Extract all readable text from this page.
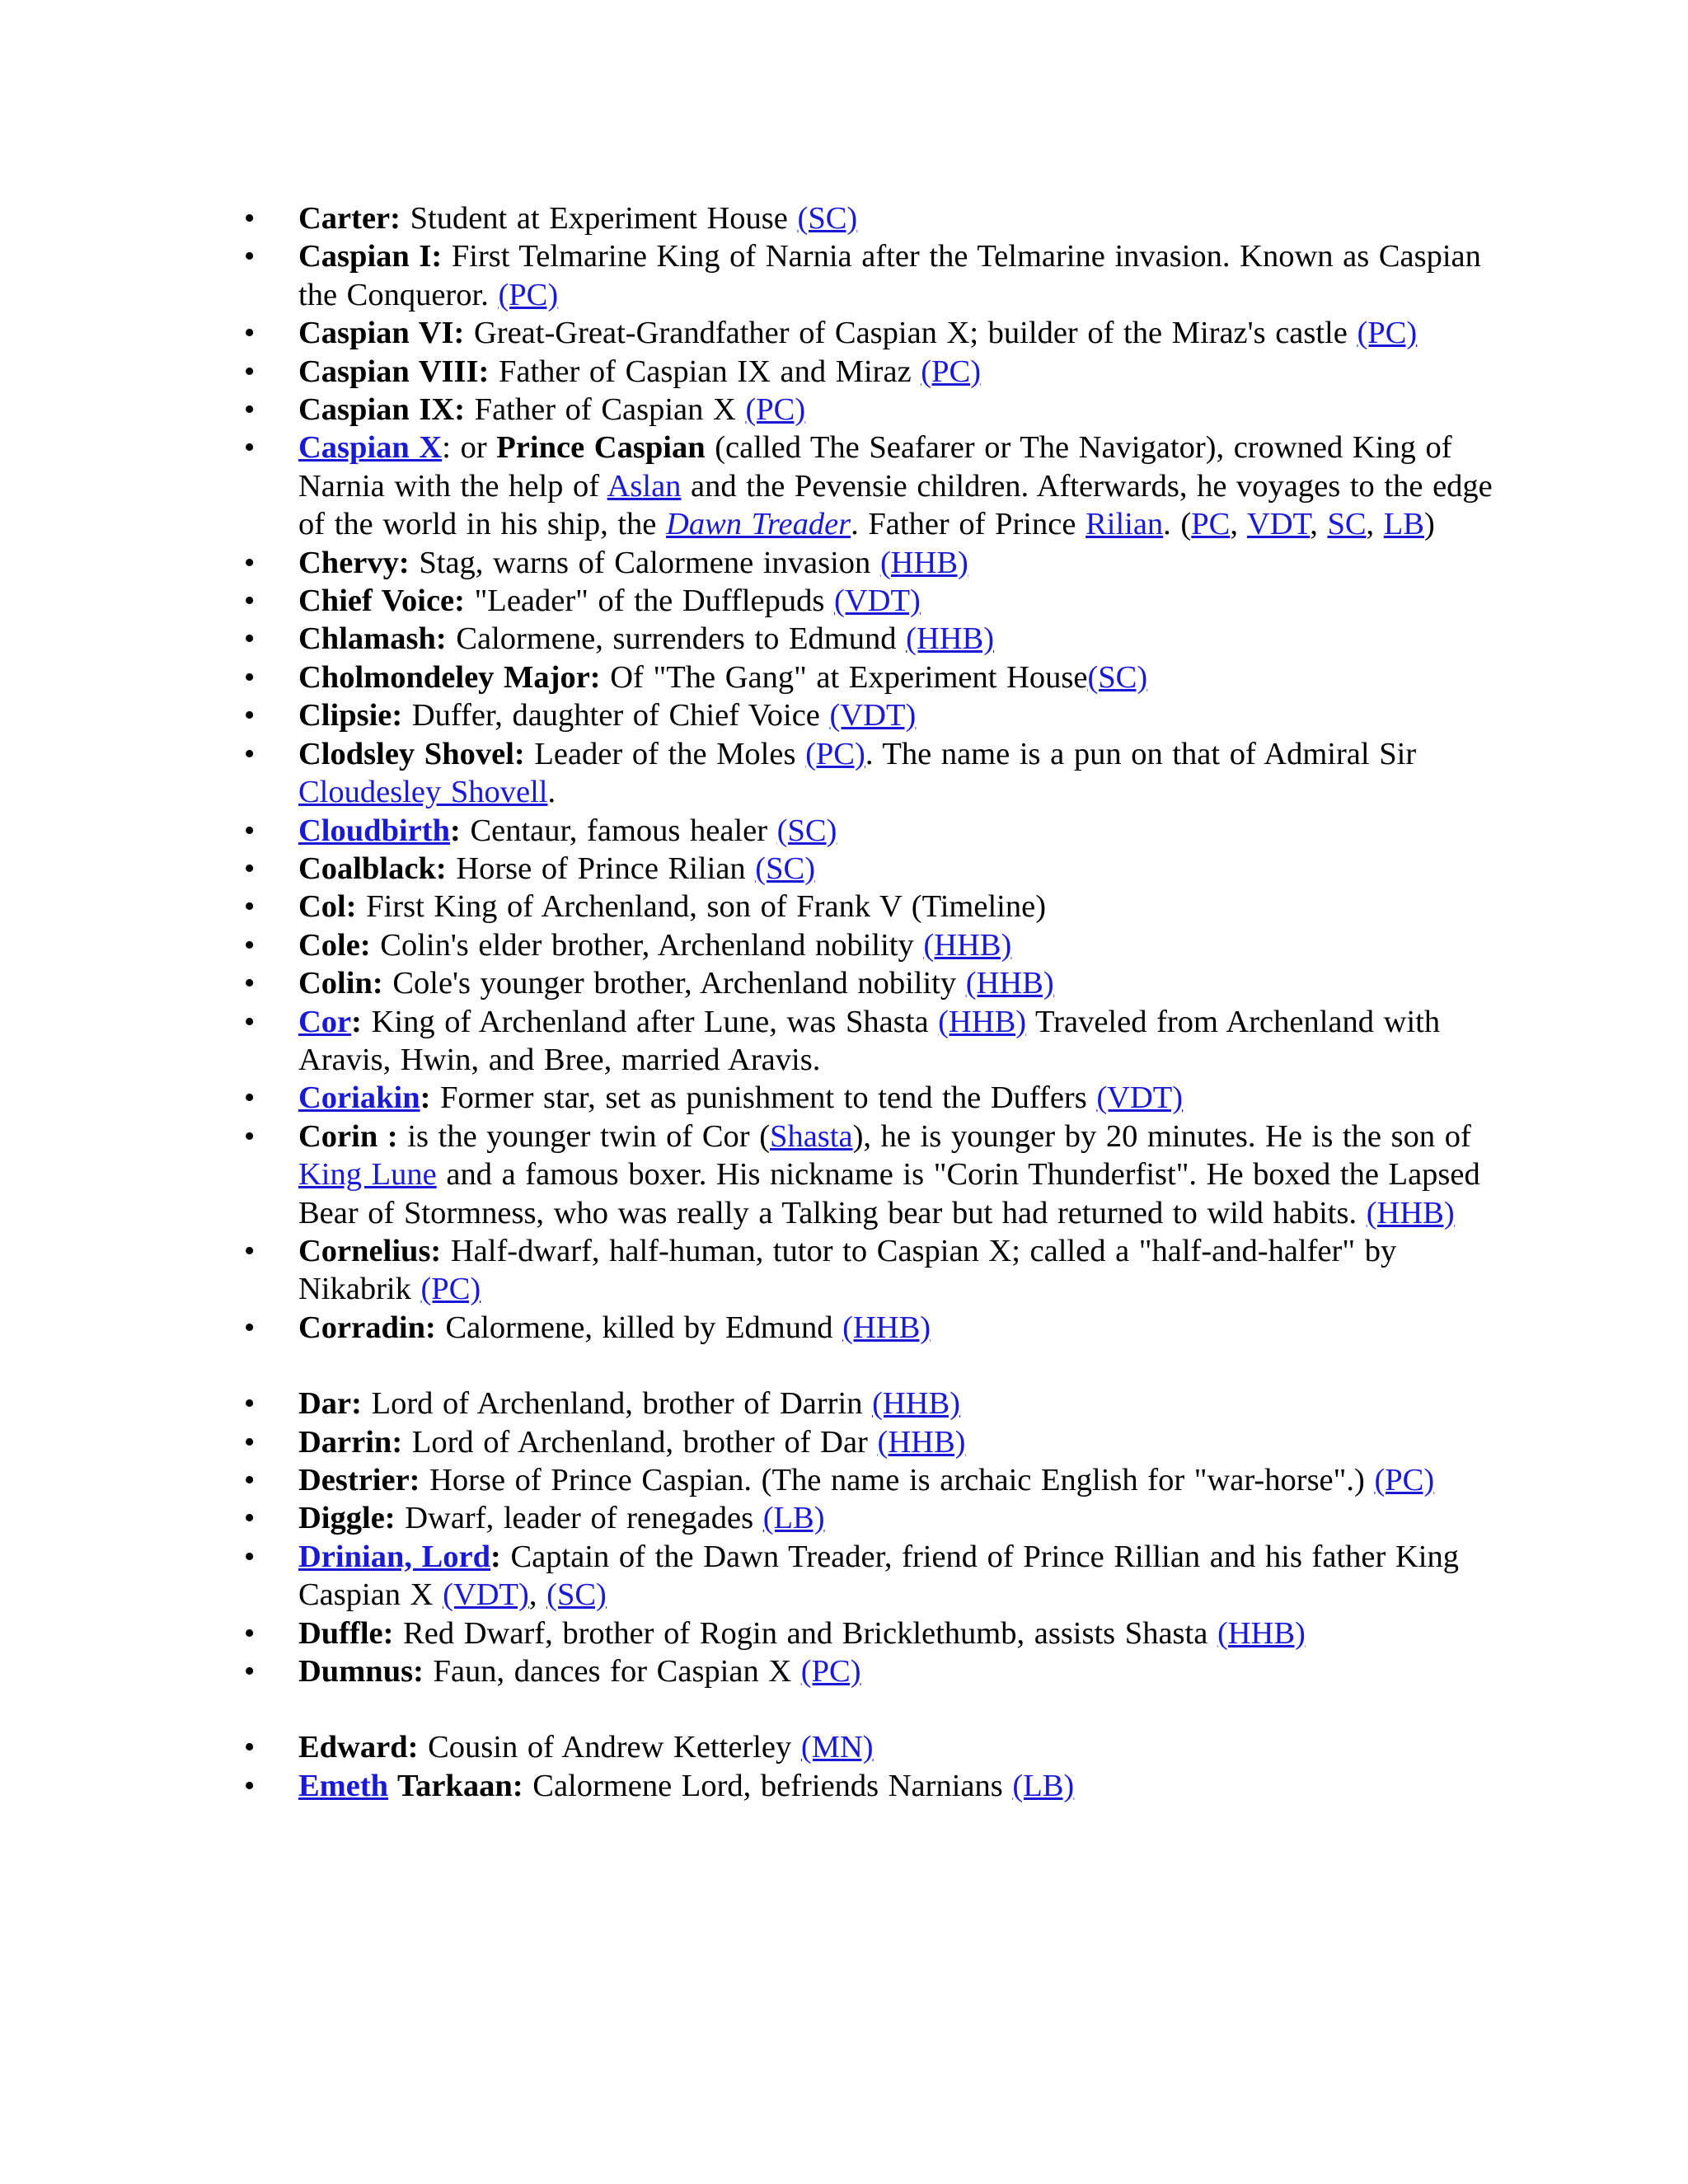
• Carter: Student at Experiment House (SC)
• Caspian I: First Telmarine King of Narnia after the Telmarine invasion. Known as Caspian the Conqueror. (PC)
• Caspian VI: Great-Great-Grandfather of Caspian X; builder of the Miraz's castle (PC)
• Caspian VIII: Father of Caspian IX and Miraz (PC)
• Caspian IX: Father of Caspian X (PC)
• Caspian X: or Prince Caspian (called The Seafarer or The Navigator), crowned King of Narnia with the help of Aslan and the Pevensie children. Afterwards, he voyages to the edge of the world in his ship, the Dawn Treader. Father of Prince Rilian. (PC, VDT, SC, LB)
• Chervy: Stag, warns of Calormene invasion (HHB)
• Chief Voice: "Leader" of the Dufflepuds (VDT)
• Chlamash: Calormene, surrenders to Edmund (HHB)
• Cholmondeley Major: Of "The Gang" at Experiment House(SC)
• Clipsie: Duffer, daughter of Chief Voice (VDT)
• Clodsley Shovel: Leader of the Moles (PC). The name is a pun on that of Admiral Sir Cloudesley Shovell.
• Cloudbirth: Centaur, famous healer (SC)
• Coalblack: Horse of Prince Rilian (SC)
• Col: First King of Archenland, son of Frank V (Timeline)
• Cole: Colin's elder brother, Archenland nobility (HHB)
• Colin: Cole's younger brother, Archenland nobility (HHB)
• Cor: King of Archenland after Lune, was Shasta (HHB) Traveled from Archenland with Aravis, Hwin, and Bree, married Aravis.
• Coriakin: Former star, set as punishment to tend the Duffers (VDT)
• Corin : is the younger twin of Cor (Shasta), he is younger by 20 minutes. He is the son of King Lune and a famous boxer. His nickname is "Corin Thunderfist". He boxed the Lapsed Bear of Stormness, who was really a Talking bear but had returned to wild habits. (HHB)
• Cornelius: Half-dwarf, half-human, tutor to Caspian X; called a "half-and-halfer" by Nikabrik (PC)
• Corradin: Calormene, killed by Edmund (HHB)
• Dar: Lord of Archenland, brother of Darrin (HHB)
• Darrin: Lord of Archenland, brother of Dar (HHB)
• Destrier: Horse of Prince Caspian. (The name is archaic English for "war-horse".) (PC)
• Diggle: Dwarf, leader of renegades (LB)
• Drinian, Lord: Captain of the Dawn Treader, friend of Prince Rillian and his father King Caspian X (VDT), (SC)
• Duffle: Red Dwarf, brother of Rogin and Bricklethumb, assists Shasta (HHB)
• Dumnus: Faun, dances for Caspian X (PC)
• Edward: Cousin of Andrew Ketterley (MN)
• Emeth Tarkaan: Calormene Lord, befriends Narnians (LB)
